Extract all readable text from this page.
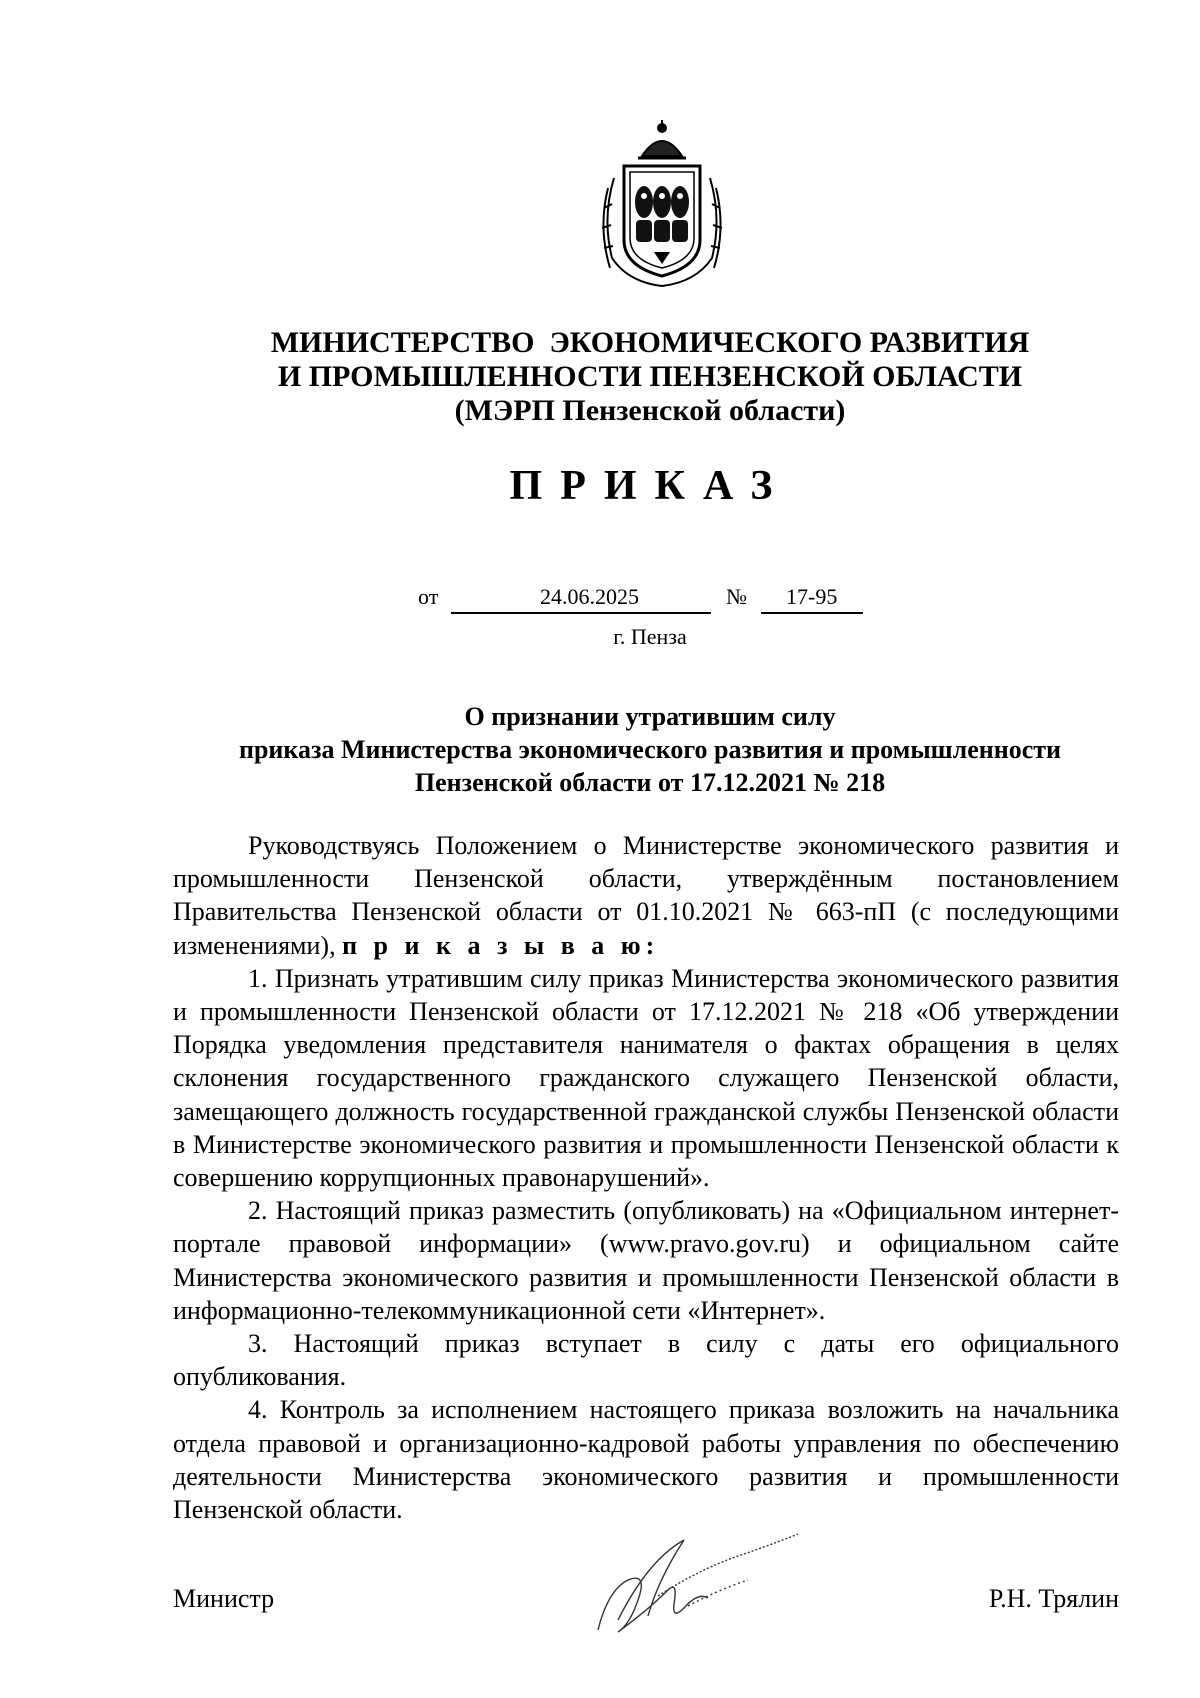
МИНИСТЕРСТВО  ЭКОНОМИЧЕСКОГО РАЗВИТИЯ
И ПРОМЫШЛЕННОСТИ ПЕНЗЕНСКОЙ ОБЛАСТИ
(МЭРП Пензенской области)
ПРИКАЗ
от	24.06.2025	№ 17-95
г. Пенза
О признании утратившим силу
приказа Министерства экономического развития и промышленности
Пензенской области от 17.12.2021 № 218

Руководствуясь Положением о Министерстве экономического развития и промышленности Пензенской области, утверждённым постановлением Правительства Пензенской области от 01.10.2021 № 663-пП (с последующими изменениями), п р и к а з ы в а ю:

1. Признать утратившим силу приказ Министерства экономического развития и промышленности Пензенской области от 17.12.2021 № 218 «Об утверждении Порядка уведомления представителя нанимателя о фактах обращения в целях склонения государственного гражданского служащего Пензенской области, замещающего должность государственной гражданской службы Пензенской области в Министерстве экономического развития и промышленности Пензенской области к совершению коррупционных правонарушений».

2. Настоящий приказ разместить (опубликовать) на «Официальном интернет-портале правовой информации» (www.pravo.gov.ru) и официальном сайте Министерства экономического развития и промышленности Пензенской области в информационно-телекоммуникационной сети «Интернет».

3. Настоящий приказ вступает в силу с даты его официального опубликования.

4. Контроль за исполнением настоящего приказа возложить на начальника отдела правовой и организационно-кадровой работы управления по обеспечению деятельности Министерства экономического развития и промышленности Пензенской области.

Министр	Р.Н. Трялин
